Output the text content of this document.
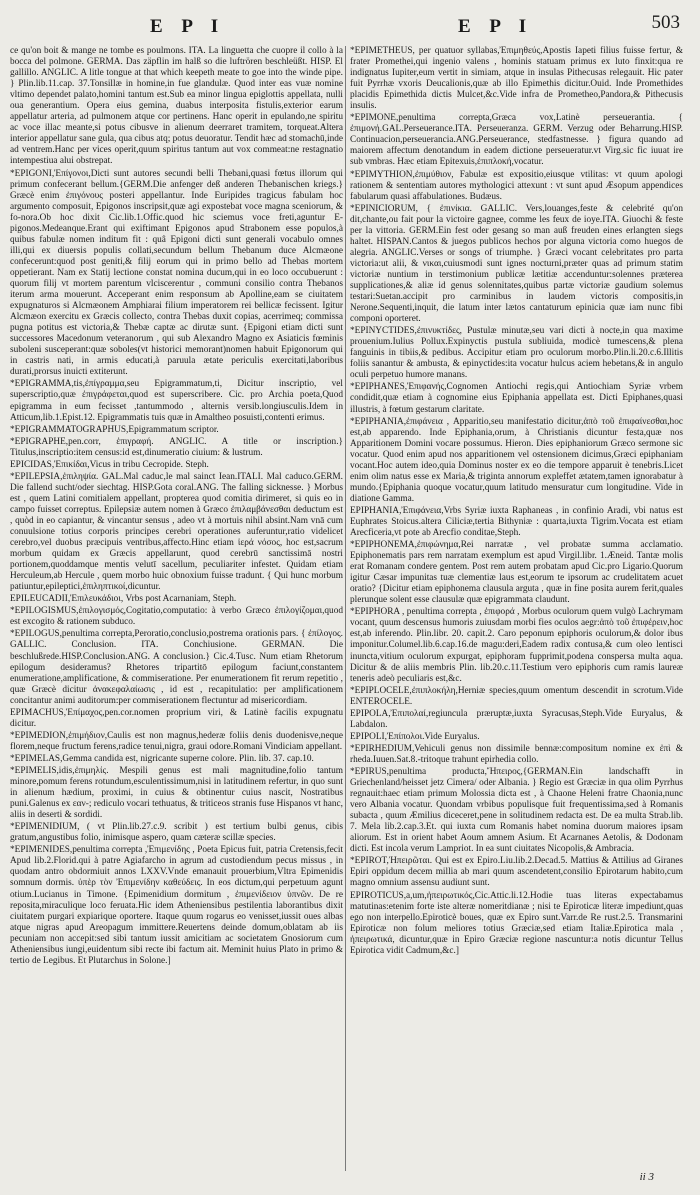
E P I	E P I	503

ce qu'on boit & mange ne tombe es poulmons. ITA. La linguetta che cuopre il collo à la bocca del polmone. GERMA. Das zäpflin im halß so die luftrören beschleüßt. HISP. El gallillo. ANGLIC. A litle tongue at that which keepeth meate to goe into the winde pipe. } Plin.lib.11.cap. 37.Tonsillæ in homine,in fue glandulæ. Quod inter eas vuæ nomine vltimo dependet palato,homini tantum est.Sub ea minor lingua epiglottis appellata, nulli oua generantium. Opera eius gemina, duabus interposita fistulis,exterior earum appellatur arteria, ad pulmonem atque cor pertinens. Hanc operit in epulando,ne spiritu ac voce illac meante,si potus cibusve in alienum deerraret tramitem, torqueat.Altera interior appellatur sane gula, qua cibus atq; potus deuoratur. Tendit hæc ad stomachū,inde ad ventrem.Hanc per vices operit,quum spiritus tantum aut vox commeat:ne restagnatio intempestiua alui obstrepat.

*EPIGONI,Ἐπίγονοι,Dicti sunt autores secundi belli Thebani,quasi fœtus illorum qui primum confecerant bellum.{GERM.Die anfenger deß anderen Thebanischen kriegs.} Græcè enim ἐπιγόνους posteri appellantur. Inde Euripides tragicus fabulam hoc argumento composuit, Epigonos inscripsit,quæ agi expostebat voce magna sceniorum, & fo-nora.Ob hoc dixit Cic.lib.1.Offic.quod hic sciemus voce freti,aguntur E-pigonos.Medeanque.Erant qui exiftimant Epigonos apud Strabonem esse populos,à quibus fabulæ nomen inditum fit : quâ Epigoni dicti sunt generali vocabulo omnes illi,qui ex diuersis populis collati,secundum bellum Thebanum duce Alcmæone confecerunt:quod post geniti,& filij eorum qui in primo bello ad Thebas mortem oppetierant. Nam ex Statij lectione constat nomina ducum,qui in eo loco occubuerunt : quorum filij vt mortem parentum vlciscerentur , communi consilio contra Thebanos iterum arma mouerunt. Acceperant enim responsum ab Apolline,eam se ciuitatem expugnaturos si Alcmæonem Amphiarai filium imperatorem rei bellicæ fecissent. Igitur Alcmæon exercitu ex Græcis collecto, contra Thebas duxit copias, acerrimeq; commissa pugna potitus est victoria,& Thebæ captæ ac dirutæ sunt. {Epigoni etiam dicti sunt successores Macedonum veteranorum , qui sub Alexandro Magno ex Asiaticis fœminis suboleni susceperant:quæ soboles(vt historici memorant)nomen habuit Epigonorum qui in castris nati, in armis educati,à paruula ætate periculis exercitati,laboribus durati,prorsus inuicti extiterunt.

*EPIGRAMMA,tis,ἐπίγραμμα,seu Epigrammatum,ti, Dicitur inscriptio, vel superscriptio,quæ ἐπιγράφεται,quod est superscribere. Cic. pro Archia poeta,Quod epigramma in eum fecisset ,tantummodo , alternis versib.longiusculis.Idem in Atticum,lib.1.Epist.12. Epigrammatis tuis quæ in Amaltheo posuisti,contenti erimus.

*EPIGRAMMATOGRAPHUS,Epigrammatum scriptor.

*EPIGRAPHE,pen.corr, ἐπιγραφή. ANGLIC. A title or inscription.} Titulus,inscriptio:item census:id est,dinumeratio ciuium: & lustrum.

EPICIDAS,Ἐπικίδαι,Vicus in tribu Cecropide. Steph.

*EPILEPSIA,ἐπιληψία. GAL.Mal caduc,le mal sainct Iean.ITALI. Mal caduco.GERM. Die fallend sucht/oder siechtag. HISP.Gota coral.ANG. The falling sicknesse. } Morbus est , quem Latini comitialem appellant, propterea quod comitia dirimeret, si quis eo in campo fuisset correptus. Epilepsiæ autem nomen à Græco ἐπιλαμβάνεσθαι deductum est , quòd in eo capiantur, & vincantur sensus , adeo vt à mortuis nihil absint.Nam vnā cum conuulsione totius corporis principes cerebri operationes auferuntur,ratio videlicet cerebro,vel duobus præcipuis ventribus,affecto.Hinc etiam ἱερά νόσος, hoc est,sacrum morbum quidam ex Græcis appellarunt, quod cerebrū sanctissimā nostri portionem,quoddamque mentis velutī sacellum, peculiariter infestet. Quidam etiam Herculeum,ab Hercule , quem morbo huic obnoxium fuisse tradunt. { Qui hunc morbum patiuntur,epileptici,ἐπιληπτικοί,dicuntur.

EPILEUCADII,Ἐπιλευκάδιοι, Vrbs post Acarnaniam, Steph.

*EPILOGISMUS,ἐπιλογισμός,Cogitatio,computatio: à verbo Græco ἐπιλογίζομαι,quod est excogito & rationem subduco.

*EPILOGUS,penultima correpta,Peroratio,conclusio,postrema orationis pars. { ἐπίλογος. GALLIC. Conclusion. ITA. Conchiusione. GERMAN. Die beschlußrede.HISP.Conclusion.ANG. A conclusion.} Cic.4.Tusc. Num etiam Rhetorum epilogum desideramus? Rhetores tripartitō epilogum faciunt,constantem enumeratione,amplificatione, & commiseratione. Per enumerationem fit rerum repetitio , quæ Græcè dicitur ἀνακεφαλαίωσις , id est , recapitulatio: per amplificationem concitantur animi auditorum:per commiserationem flectuntur ad misericordiam.

EPIMACHUS,Ἐπίμαχος,pen.cor.nomen proprium viri, & Latinè facilis expugnatu dicitur.

*EPIMEDION,ἐπιμήδιον,Caulis est non magnus,hederæ foliis denis duodenisve,neque florem,neque fructum ferens,radice tenui,nigra, graui odore.Romani Vindiciam appellant.

*EPIMELAS,Gemma candida est, nigricante superne colore. Plin. lib. 37. cap.10.

*EPIMELIS,idis,ἐπιμηλίς. Mespili genus est mali magnitudine,folio tantum minore,pomum ferens rotundum,esculentissimum,nisi in latitudinem refertur, in quo sunt in alienum hædium, proximi, in cuius & obtinentur cuius nascit, Nostratibus puni.Galenus ex ɛαν-; rediculo vocari tethuatus, & triticeos stranis fuse Hispanos vt hanc, aliis in deserti & sordidi.

*EPIMENIDIUM, ( vt Plin.lib.27.c.9. scribit ) est tertium bulbi genus, cibis gratum,angustibus folio, inimisque aspero, quam cæteræ scillæ species.

*EPIMENIDES,penultima correpta ,Ἐπιμενίδης , Poeta Epicus fuit, patria Cretensis,fecit Apud lib.2.Florid.qui à patre Agiafarcho in agrum ad custodiendum pecus missus , in quodam antro obdormiuit annos LXXV.Vnde emanauit prouerbium,Vltra Epimenidis somnum dormis. ὑπὲρ τὸν Ἐπιμενίδην καθεύδεις. In eos dictum,qui perpetuum agunt otium.Lucianus in Timone. {Epimenidium dormitum , ἐπιμενίδειον ὑπνῶν. De re reposita,miraculique loco feruata.Hic idem Atheniensibus pestilentia laborantibus dixit ciuitatem purgari expiarique oportere. Itaque quum rogarus eo venisset,iussit oues albas atque nigras apud Areopagum immittere.Reuertens deinde domum,oblatam ab iis pecuniam non accepit:sed sibi tantum iussit amicitiam ac societatem Gnosiorum cum Atheniensibus iungi,euidentum sibi recte ibi factum ait. Meminit huius Plato in primo & tertio de Legibus. Et Plutarchus in Solone.]

*EPIMETHEUS, per quatuor syllabas,Ἐπιμηθεύς,Apostis Iapeti filius fuisse fertur, & frater Promethei,qui ingenio valens , hominis statuam primus ex luto finxit:qua re indignatus Iupiter,eum vertit in simiam, atque in insulas Pithecusas relegauit. Hic pater fuit Pyrrhæ vxoris Deucalionis,quæ ab illo Epimethis dicitur.Ouid. Inde Promethides placidis Epimethida dictis Mulcet,&c.Vide infra de Prometheo,Pandora,& Pithecusis insulis.

*EPIMONE,penultima correpta,Græca vox,Latinè perseuerantia. { ἐπιμονή.GAL.Perseuerance.ITA. Perseueranza. GERM. Verzug oder Beharrung.HISP. Continuacion,perseuerancia.ANG.Perseuerance, stedfastnesse. } figura quando ad maiorem affectum denotandum in eadem dictione perseueratur.vt Virg.sic fic iuuat ire sub vmbras. Hæc etiam Epitexuis,ἐπιπλοκή,vocatur.

*EPIMYTHION,ἐπιμύθιον, Fabulæ est expositio,eiusque vtilitas: vt quum apologi rationem & sententiam autores mythologici attexunt : vt sunt apud Æsopum appendices fabularum quasi affabulationes. Budæus.

*EPINICIORUM, { ἐπινίκια. GALLIC. Vers,louanges,feste & celebrité qu'on dit,chante,ou fait pour la victoire gagnee, comme les feux de ioye.ITA. Giuochi & feste per la vittoria. GERM.Ein fest oder gesang so man auß freuden eines erlangten siegs haltet. HISPAN.Cantos & juegos publicos hechos por alguna victoria como huegos de alegria. ANGLIC.Verses or songs of triumphe. } Græci vocant celebritates pro parta victoria:ut alii, & νικαι,cuiusmodi sunt ignes nocturni,præter quas ad primum statim victoriæ nuntium in terstimonium publicæ lætitiæ accenduntur:solennes præterea supplicationes,& aliæ id genus solennitates,quibus partæ victoriæ gaudium solemus testari:Suetan.accipit pro carminibus in laudem victoris compositis,in Nerone.Sequenti,inquit, die latum inter lætos cantaturum epinicia quæ iam nunc fibi componi oporteret.

*EPINYCTIDES,ἐπινυκτίδες, Pustulæ minutæ,seu vari dicti à nocte,in qua maxime prouenium.Iulius Pollux.Expinyctis pustula subliuida, modicè tumescens,& plena fanguinis in tibiis,& pedibus. Accipitur etiam pro oculorum morbo.Plin.li.20.c.6.Illitis foliis sanantur & ambusta, & epinyctides:ita vocatur hulcus aciem hebetans,& in angulo oculi perpetuo humore manans.

*EPIPHANES,Ἐπιφανής,Cognomen Antiochi regis,qui Antiochiam Syriæ vrbem condidit,quæ etiam à cognomine eius Epiphania appellata est. Dicti Epiphanes,quasi illustris, à fœtum gestarum claritate.

*EPIPHANIA,ἐπιφάνεια , Apparitio,seu manifestatio dicitur,ἀπὸ τοῦ ἐπιφαίνεσθαι,hoc est,ab apparendo. Inde Epiphania,orum, à Christianis dicuntur festa,quæ nos Apparitionem Domini vocare possumus. Hieron. Dies epiphaniorum Græco sermone sic vocatur. Quod enim apud nos apparitionem vel ostensionem dicimus,Græci epiphaniam vocant.Hoc autem ideo,quia Dominus noster ex eo die tempore apparuit è tenebris.Licet enim olim natus esse ex Maria,& triginta annorum expleffet ætatem,tamen ignorabatur à mundo.{Epiphania quoque vocatur,quum latitudo mensuratur cum longitudine. Vide in diatione Gamma.

EPIPHANIA,Ἐπιφάνεια,Vrbs Syriæ iuxta Raphaneas , in confinio Aradi, vbi natus est Euphrates Stoicus.altera Ciliciæ,tertia Bithyniæ : quarta,iuxta Tigrim.Vocata est etiam Arecficeria,vt pote ab Arecfio conditae,Steph.

*EPIPHONEMA,ἐπιφώνημα,Rei narratæ , vel probatæ summa acclamatio. Epiphonematis pars rem narratam exemplum est apud Virgil.libr. 1.Æneid. Tantæ molis erat Romanam condere gentem. Post rem autem probatam apud Cic.pro Ligario.Quorum igitur Cæsar impunitas tuæ clementiæ laus est,eorum te ipsorum ac crudelitatem acuet oratio? {Dicitur etiam epiphonema clausula arguta , quæ in fine posita aurem ferit,quales plerunque solent esse clausulæ quæ epigrammata claudunt.

*EPIPHORA , penultima correpta , ἐπιφορά , Morbus oculorum quem vulgò Lachrymam vocant, quum descensus humoris zuiusdam morbi fies oculos aegr:ἀπὸ τοῦ ἐπιφέρειν,hoc est,ab inferendo. Plin.libr. 20. capit.2. Caro peponum epiphoris oculorum,& dolor ibus imponitur.Columel.lib.6.cap.16.de magu:deri,Eadem radix contusa,& cum oleo lentisci inuncta,vitium oculorum expurgat, epiphoram fupprimit,podena conspersa multa aqua. Dicitur & de aliis membris Plin. lib.20.c.11.Testium vero epiphoris cum ramis laureæ teneris adeò peculiaris est,&c.

*EPIPLOCELE,ἐπιπλοκήλη,Herniæ species,quum omentum descendit in scrotum.Vide ENTEROCELE.

EPIPOLA,Ἐπιπολαί,regiuncula præruptæ,iuxta Syracusas,Steph.Vide Euryalus, & Labdalon.

EPIPOLI,Ἐπίπολοι.Vide Euryalus.

*EPIRHEDIUM,Vehiculi genus non dissimile bennæ:compositum nomine ex ἐπὶ & rheda.Iuuen.Sat.8.-tritoque trahunt epirhedia collo.

*EPIRUS,penultima producta,Ἤπειρος,{GERMAN.Ein landschafft in Griechenland/heisset jetz Cimera/ oder Albania. } Regio est Græciæ in qua olim Pyrrhus regnauit:haec etiam primum Molossia dicta est , à Chaone Heleni fratre Chaonia,nunc vero Albania vocatur. Quondam vrbibus populisque fuit frequentissima,sed à Romanis subacta , quum Æmilius diceceret,pene in solitudinem redacta est. De ea multa Strab.lib. 7. Mela lib.2.cap.3.Et. qui iuxta cum Romanis habet nomina duorum maiores ipsam aliorum. Est in orient habet Aoum amnem Asium. Et Acarnanes Aetolis, & Dodonam dicti. Est incola verum Lampriot. In ea sunt ciuitates Nicopolis,& Ambracia.

*EPIROT,Ἠπειρῶται. Qui est ex Epiro.Liu.lib.2.Decad.5. Mattius & Attilius ad Giranes Epiri oppidum decem millia ab mari quum ascendetent,consilio Epirotarum habito,cum magno omnium assensu audiunt sunt.

EPIROTICUS,a,um,ἠπειρωτικός,Cic.Attic.li.12.Hodie tuas literas expectabamus matutinas:etenim forte iste alteræ nomeritdianæ ; nisi te Epiroticæ literæ impediunt,quas ego non interpello.Epiroticè boues, quæ ex Epiro sunt.Varr.de Re rust.2.5. Transmarini Epiroticæ non folum meliores totius Græciæ,sed etiam Italiæ.Epirotica mala , ἠπειρωτικά, dicuntur,quæ in Epiro Græciæ regione nascuntur:a notis dicuntur Tellus Epirotica vidit Cadmum,&c.]

ii 3
